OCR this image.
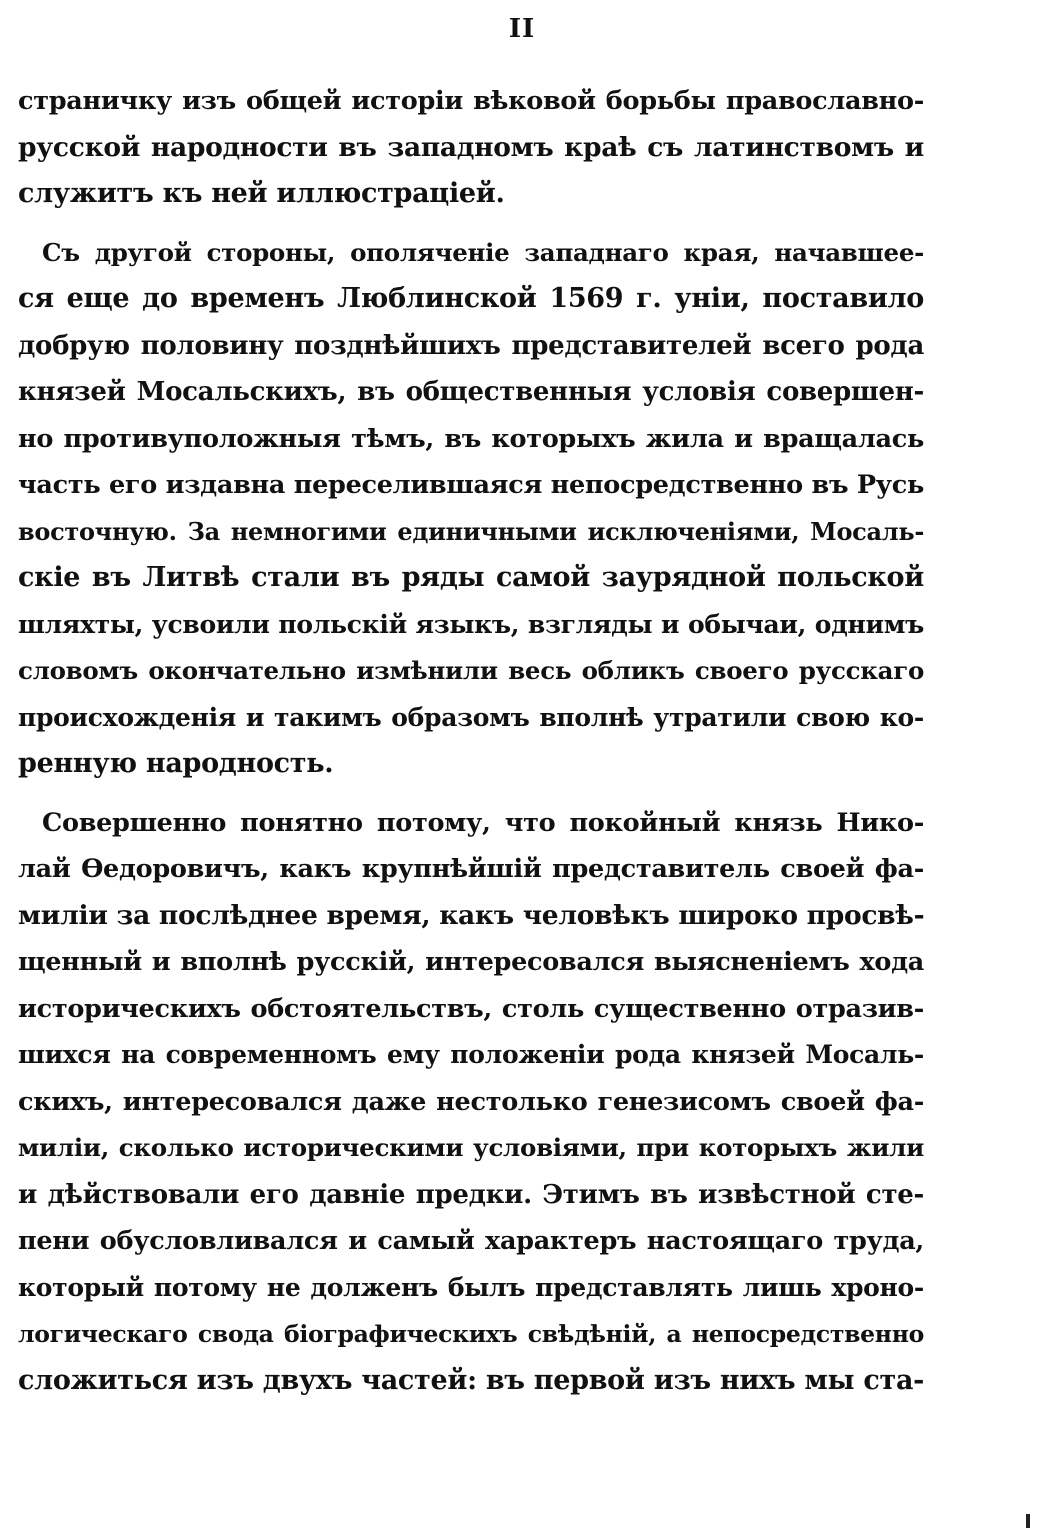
II
страничку изъ общей исторіи вѣковой борьбы православно-
русской народности въ западномъ краѣ съ латинствомъ и
служитъ къ ней иллюстраціей.
Съ другой стороны, ополяченіе западнаго края, начавшее-
ся еще до временъ Люблинской 1569 г. уніи, поставило
добрую половину позднѣйшихъ представителей всего рода
князей Мосальскихъ, въ общественныя условія совершен-
но противуположныя тѣмъ, въ которыхъ жила и вращалась
часть его издавна переселившаяся непосредственно въ Русь
восточную. За немногими единичными исключеніями, Мосаль-
скіе въ Литвѣ стали въ ряды самой заурядной польской
шляхты, усвоили польскій языкъ, взгляды и обычаи, однимъ
словомъ окончательно измѣнили весь обликъ своего русскаго
происхожденія и такимъ образомъ вполнѣ утратили свою ко-
ренную народность.
Совершенно понятно потому, что покойный князь Нико-
лай Өедоровичъ, какъ крупнѣйшій представитель своей фа-
миліи за послѣднее время, какъ человѣкъ широко просвѣ-
щенный и вполнѣ русскій, интересовался выясненіемъ хода
историческихъ обстоятельствъ, столь существенно отразив-
шихся на современномъ ему положеніи рода князей Мосаль-
скихъ, интересовался даже нестолько генезисомъ своей фа-
миліи, сколько историческими условіями, при которыхъ жили
и дѣйствовали его давніе предки. Этимъ въ извѣстной сте-
пени обусловливался и самый характеръ настоящаго труда,
который потому не долженъ былъ представлять лишь хроно-
логическаго свода біографическихъ свѣдѣній, а непосредственно
сложиться изъ двухъ частей: въ первой изъ нихъ мы ста-
